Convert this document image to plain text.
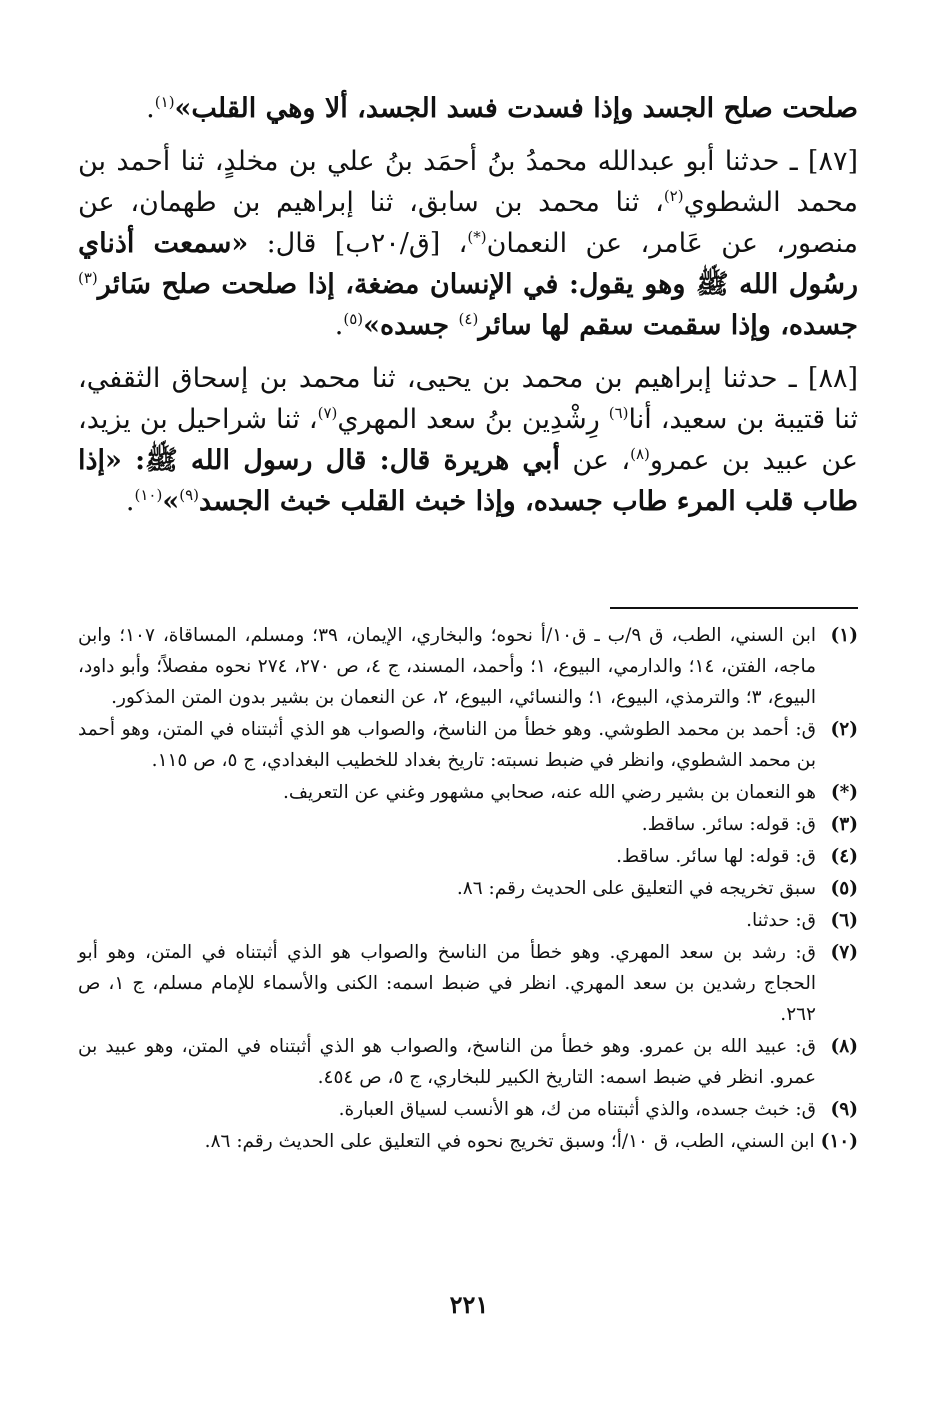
صلحت صلح الجسد وإذا فسدت فسد الجسد، ألا وهي القلب»$^{(١)}$.

[٨٧] ـ حدثنا أبو عبدالله محمدُ بنُ أحمَد بنُ علي بن مخلدٍ، ثنا أحمد بن محمد الشطوي$^{(٢)}$، ثنا محمد بن سابق، ثنا إبراهيم بن طهمان، عن منصور، عن عَامر، عن النعمان(*)، [ق/٢٠ب] قال: «سمعت أذناي رسُول الله ﷺ وهو يقول: في الإنسان مضغة، إذا صلحت صلح سَائر$^{(٣)}$ جسده، وإذا سقمت سقم لها سائر$^{(٤)}$ جسده»$^{(٥)}$.

[٨٨] ـ حدثنا إبراهيم بن محمد بن يحيى، ثنا محمد بن إسحاق الثقفي، ثنا قتيبة بن سعيد، أنا$^{(٦)}$ رِشْدِين بنُ سعد المهري$^{(٧)}$، ثنا شراحيل بن يزيد، عن عبيد بن عمرو$^{(٨)}$، عن أبي هريرة قال: قال رسول الله ﷺ: «إذا طاب قلب المرء طاب جسده، وإذا خبث القلب خبث الجسد$^{(٩)}$»$^{(١٠)}$.

(١)
ابن السني، الطب، ق ٩/ب ـ ق١٠/أ نحوه؛ والبخاري، الإيمان، ٣٩؛ ومسلم، المساقاة، ١٠٧؛ وابن ماجه، الفتن، ١٤؛ والدارمي، البيوع، ١؛ وأحمد، المسند، ج ٤، ص ٢٧٠، ٢٧٤ نحوه مفصلاً؛ وأبو داود، البيوع، ٣؛ والترمذي، البيوع، ١؛ والنسائي، البيوع، ٢، عن النعمان بن بشير بدون المتن المذكور.
(٢)
ق: أحمد بن محمد الطوشي. وهو خطأ من الناسخ، والصواب هو الذي أثبتناه في المتن، وهو أحمد بن محمد الشطوي، وانظر في ضبط نسبته: تاريخ بغداد للخطيب البغدادي، ج ٥، ص ١١٥.
(*)
هو النعمان بن بشير رضي الله عنه، صحابي مشهور وغني عن التعريف.
(٣)
ق: قوله: سائر. ساقط.
(٤)
ق: قوله: لها سائر. ساقط.
(٥)
سبق تخريجه في التعليق على الحديث رقم: ٨٦.
(٦)
ق: حدثنا.
(٧)
ق: رشد بن سعد المهري. وهو خطأ من الناسخ والصواب هو الذي أثبتناه في المتن، وهو أبو الحجاج رشدين بن سعد المهري. انظر في ضبط اسمه: الكنى والأسماء للإمام مسلم، ج ١، ص ٢٦٢.
(٨)
ق: عبيد الله بن عمرو. وهو خطأ من الناسخ، والصواب هو الذي أثبتناه في المتن، وهو عبيد بن عمرو. انظر في ضبط اسمه: التاريخ الكبير للبخاري، ج ٥، ص ٤٥٤.
(٩)
ق: خبث جسده، والذي أثبتناه من ك، هو الأنسب لسياق العبارة.
(١٠)
ابن السني، الطب، ق ١٠/أ؛ وسبق تخريج نحوه في التعليق على الحديث رقم: ٨٦.
٢٢١
